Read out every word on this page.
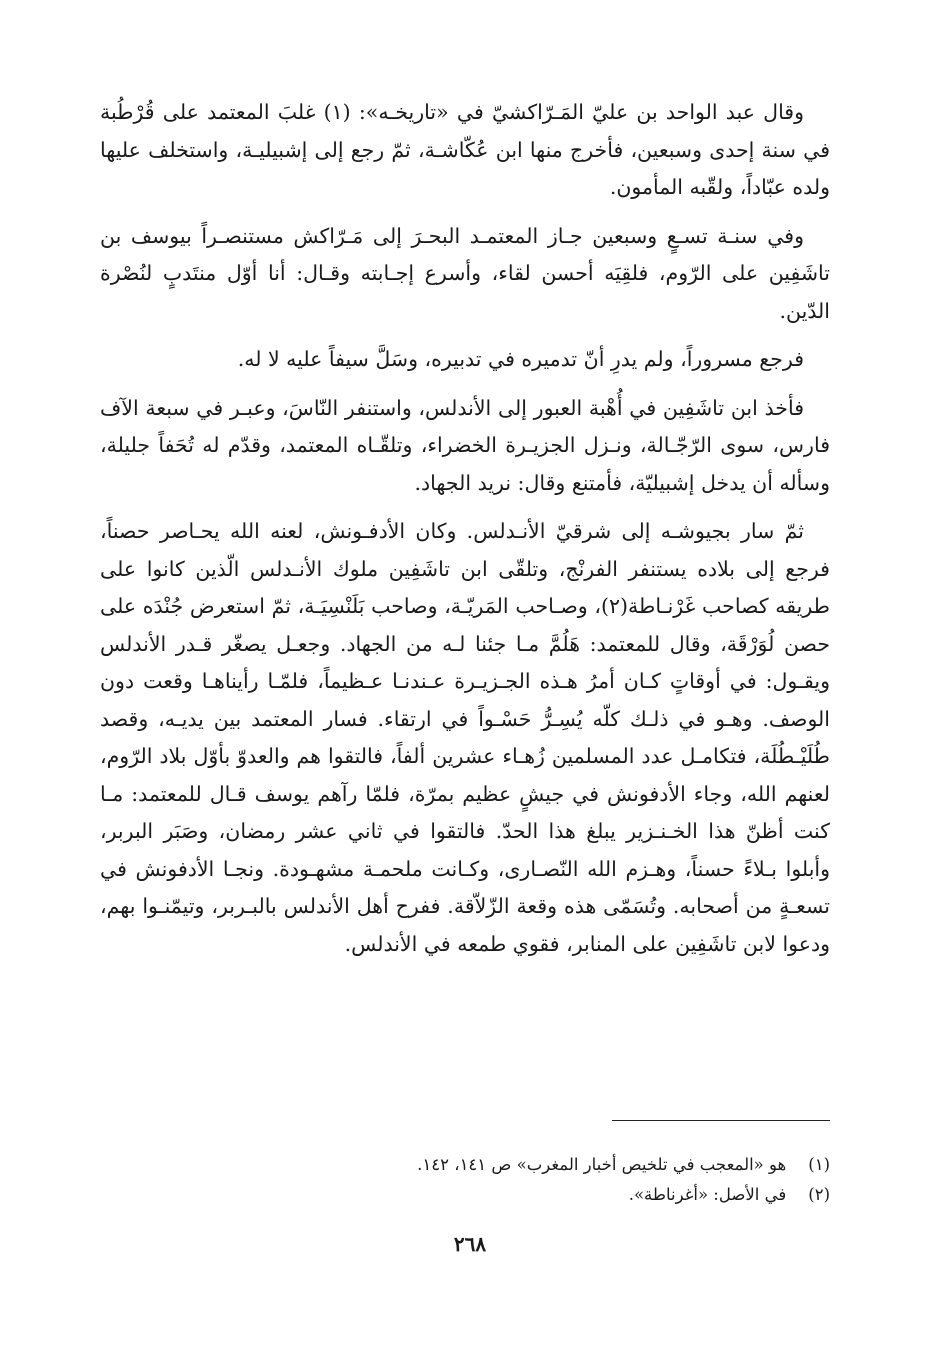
وقال عبد الواحد بن عليّ المَـرّاكشيّ في «تاريخـه»: (١) غلبَ المعتمد على قُرْطُبة في سنة إحدى وسبعين، فأخرج منها ابن عُكّاشـة، ثمّ رجع إلى إشبيليـة، واستخلف عليها ولده عبّاداً، ولقّبه المأمون.

وفي سنـة تسـعٍ وسبعين جـاز المعتمـد البحـرَ إلى مَـرّاكش مستنصـراً بيوسف بن تاشَفِين على الرّوم، فلقِيَه أحسن لقاء، وأسرع إجـابته وقـال: أنا أوّل منتَدبٍ لنُصْرة الدّين.

فرجع مسروراً، ولم يدرِ أنّ تدميره في تدبيره، وسَلَّ سيفاً عليه لا له.

فأخذ ابن تاشَفِين في أُهْبة العبور إلى الأندلس، واستنفر النّاسَ، وعبـر في سبعة الآف فارس، سوى الرّجّـالة، ونـزل الجزيـرة الخضراء، وتلقّـاه المعتمد، وقدّم له تُحَفاً جليلة، وسأله أن يدخل إشبيليّة، فأمتنع وقال: نريد الجهاد.

ثمّ سار بجيوشـه إلى شرقيّ الأنـدلس. وكان الأدفـونش، لعنه الله يحـاصر حصناً، فرجع إلى بلاده يستنفر الفرنْج، وتلقّى ابن تاشَفِين ملوك الأنـدلس الّذين كانوا على طريقه كصاحب غَرْنـاطة(٢)، وصـاحب المَريّـة، وصاحب بَلَنْسِيَـة، ثمّ استعرض جُنْدَه على حصن لُوَرْقَة، وقال للمعتمد: هَلُمَّ مـا جئنا لـه من الجهاد. وجعـل يصغّر قـدر الأندلس ويقـول: في أوقاتٍ كـان أمرُ هـذه الجـزيـرة عـندنـا عـظيماً، فلمّـا رأيناهـا وقعت دون الوصف. وهـو في ذلـك كلّه يُسِـرُّ حَسْـواً في ارتقاء. فسار المعتمد بين يديـه، وقصد طُلَيْـطُلَة، فتكامـل عدد المسلمين زُهـاء عشرين ألفاً، فالتقوا هم والعدوّ بأوّل بلاد الرّوم، لعنهم الله، وجاء الأدفونش في جيشٍ عظيم بمرّة، فلمّا رآهم يوسف قـال للمعتمد: مـا كنت أظنّ هذا الخـنـزير يبلغ هذا الحدّ. فالتقوا في ثاني عشر رمضان، وصَبَر البربر، وأبلوا بـلاءً حسناً، وهـزم الله النّصـارى، وكـانت ملحمـة مشهـودة. ونجـا الأدفونش في تسعـةٍ من أصحابه. وتُسَمّى هذه وقعة الزّلاّقة. ففرح أهل الأندلس بالبـربر، وتيمّنـوا بهم، ودعوا لابن تاشَفِين على المنابر، فقوي طمعه في الأندلس.

(١)هو «المعجب في تلخيص أخبار المغرب» ص ١٤١، ١٤٢.

(٢)في الأصل: «أغرناطة».

٢٦٨
